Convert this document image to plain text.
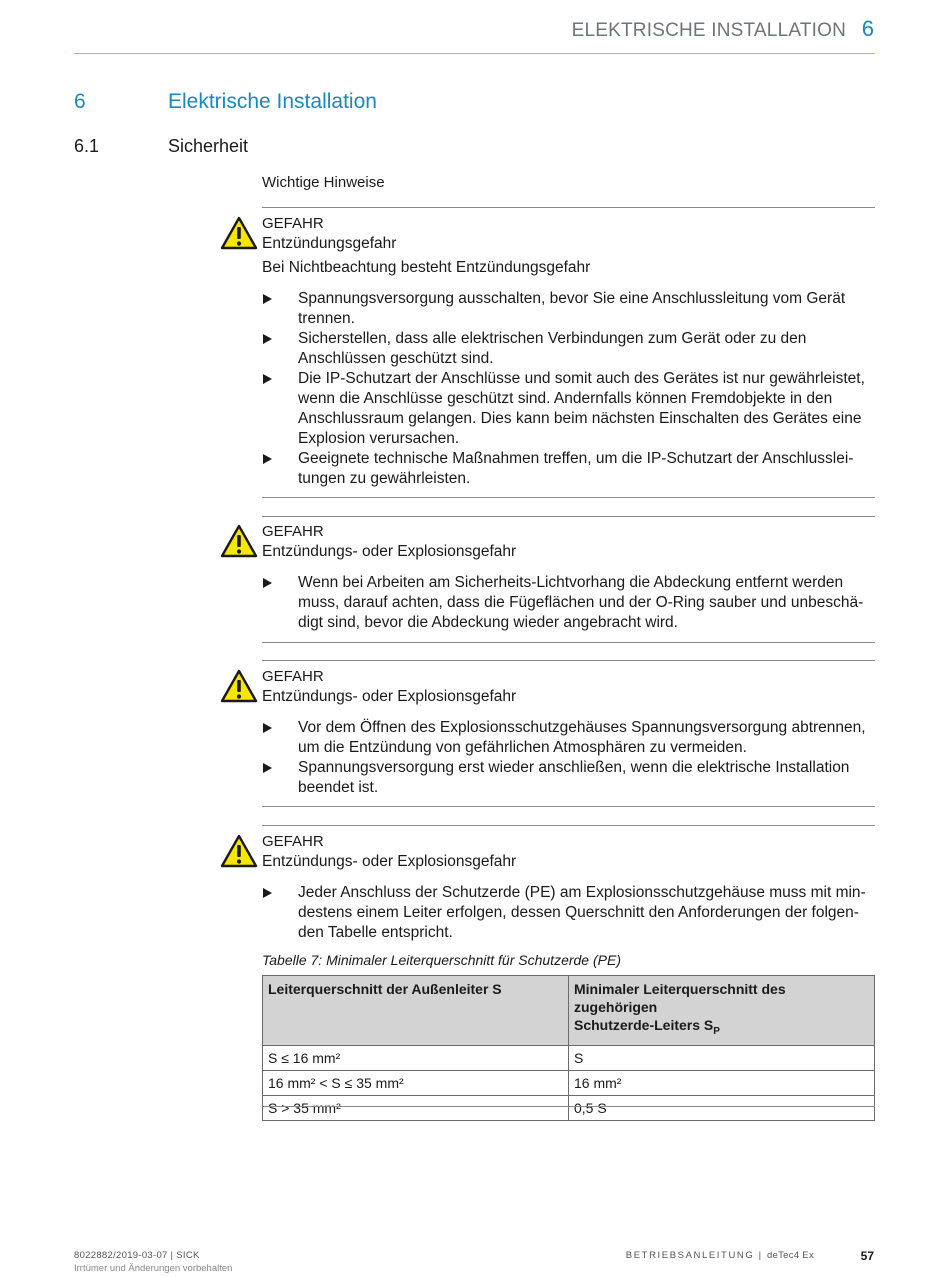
ELEKTRISCHE INSTALLATION 6
6	Elektrische Installation
6.1	Sicherheit
Wichtige Hinweise
GEFAHR
Entzündungsgefahr
Bei Nichtbeachtung besteht Entzündungsgefahr
Spannungsversorgung ausschalten, bevor Sie eine Anschlussleitung vom Gerät
trennen.
Sicherstellen, dass alle elektrischen Verbindungen zum Gerät oder zu den
Anschlüssen geschützt sind.
Die IP-Schutzart der Anschlüsse und somit auch des Gerätes ist nur gewährleistet,
wenn die Anschlüsse geschützt sind. Andernfalls können Fremdobjekte in den
Anschlussraum gelangen. Dies kann beim nächsten Einschalten des Gerätes eine
Explosion verursachen.
Geeignete technische Maßnahmen treffen, um die IP-Schutzart der Anschlusslei-
tungen zu gewährleisten.
GEFAHR
Entzündungs- oder Explosionsgefahr
Wenn bei Arbeiten am Sicherheits-Lichtvorhang die Abdeckung entfernt werden
muss, darauf achten, dass die Fügeflächen und der O-Ring sauber und unbeschä-
digt sind, bevor die Abdeckung wieder angebracht wird.
GEFAHR
Entzündungs- oder Explosionsgefahr
Vor dem Öffnen des Explosionsschutzgehäuses Spannungsversorgung abtrennen,
um die Entzündung von gefährlichen Atmosphären zu vermeiden.
Spannungsversorgung erst wieder anschließen, wenn die elektrische Installation
beendet ist.
GEFAHR
Entzündungs- oder Explosionsgefahr
Jeder Anschluss der Schutzerde (PE) am Explosionsschutzgehäuse muss mit min-
destens einem Leiter erfolgen, dessen Querschnitt den Anforderungen der folgen-
den Tabelle entspricht.
Tabelle 7: Minimaler Leiterquerschnitt für Schutzerde (PE)
Leiterquerschnitt der Außenleiter S	Minimaler Leiterquerschnitt des zugehörigen
Schutzerde-Leiters $S_P$
S ≤ 16 mm²	S
16 mm² < S ≤ 35 mm²	16 mm²
S > 35 mm²	0,5 S
8022882/2019-03-07 | SICK
Irrtümer und Änderungen vorbehalten
BETRIEBSANLEITUNG | deTec4 Ex	57
